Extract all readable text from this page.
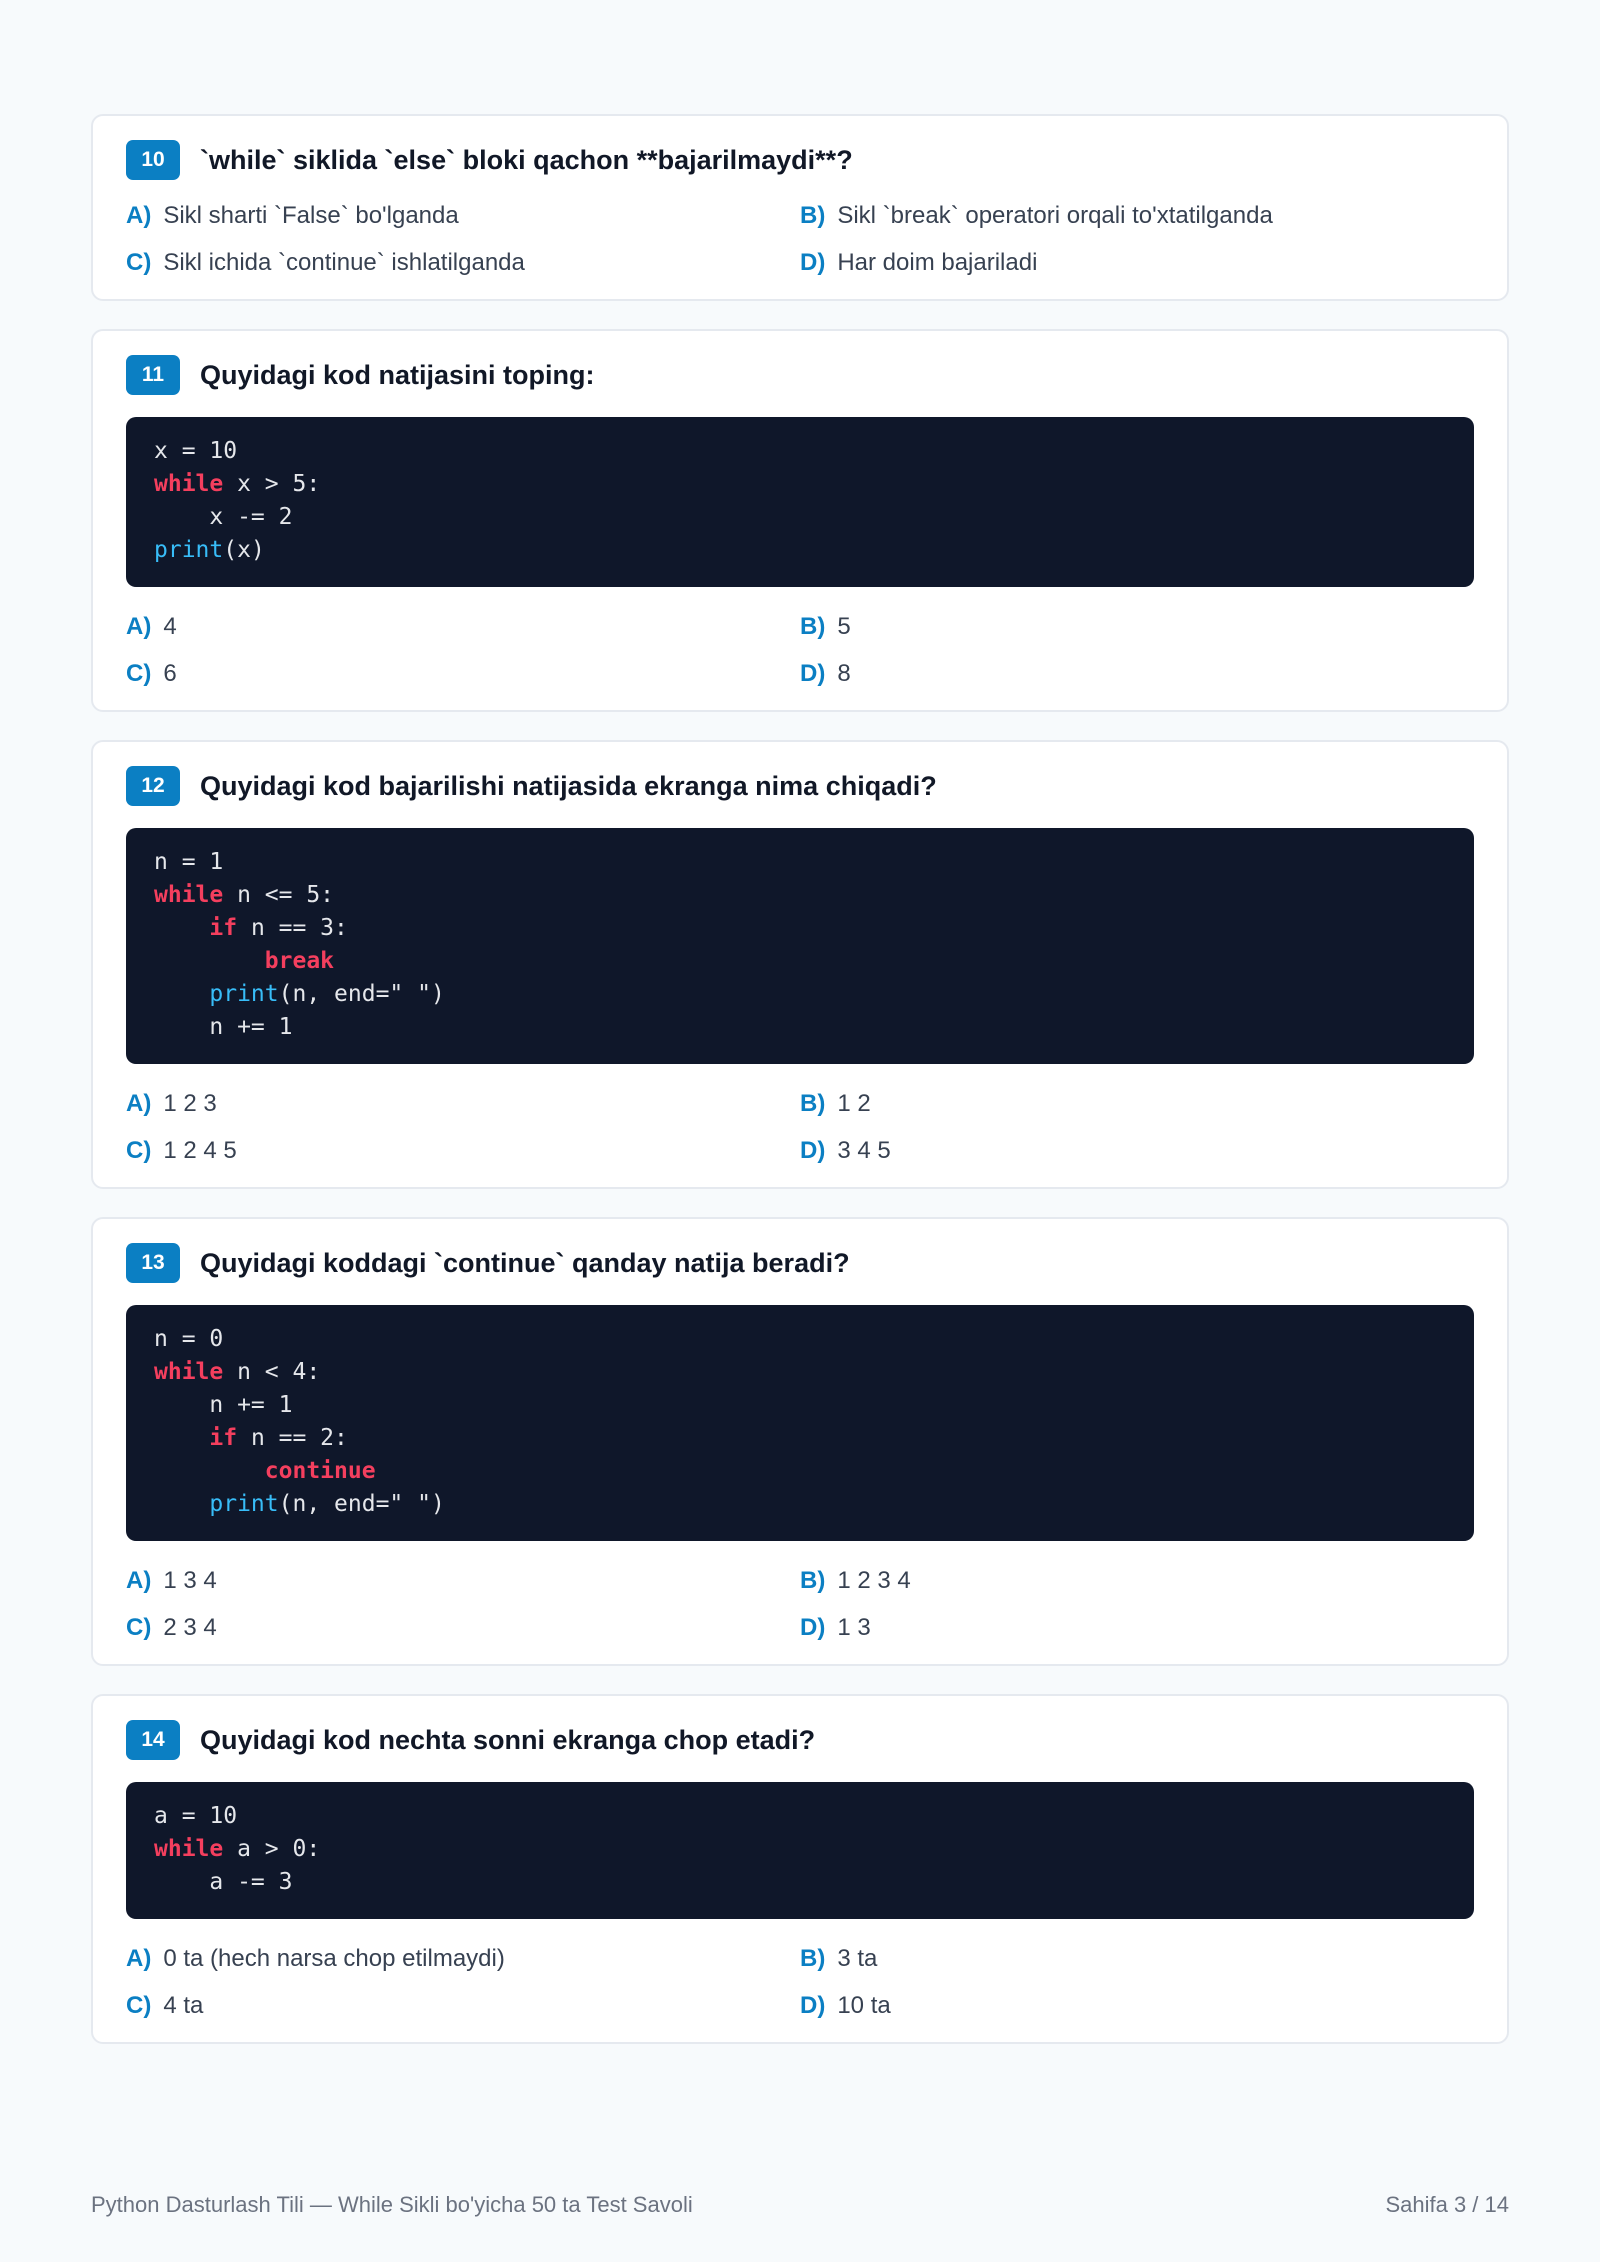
10	`while` siklida `else` bloki qachon **bajarilmaydi**?
A) Sikl sharti `False` bo'lganda	B) Sikl `break` operatori orqali to'xtatilganda
C) Sikl ichida `continue` ishlatilganda	D) Har doim bajariladi
11	Quyidagi kod natijasini toping:
x = 10
while x > 5:
x -= 2
print(x)
A) 4	B) 5
C) 6	D) 8
12	Quyidagi kod bajarilishi natijasida ekranga nima chiqadi?
n = 1
while n <= 5:
if n == 3:
break
print(n, end=" ")
n += 1
A) 1 2 3	B) 1 2
C) 1 2 4 5	D) 3 4 5
13	Quyidagi koddagi `continue` qanday natija beradi?
n = 0
while n < 4:
n += 1
if n == 2:
continue
print(n, end=" ")
A) 1 3 4	B) 1 2 3 4
C) 2 3 4	D) 1 3
14	Quyidagi kod nechta sonni ekranga chop etadi?
a = 10
while a > 0:
a -= 3
A) 0 ta (hech narsa chop etilmaydi)	B) 3 ta
C) 4 ta	D) 10 ta
Python Dasturlash Tili — While Sikli bo'yicha 50 ta Test Savoli	Sahifa 3 / 14
